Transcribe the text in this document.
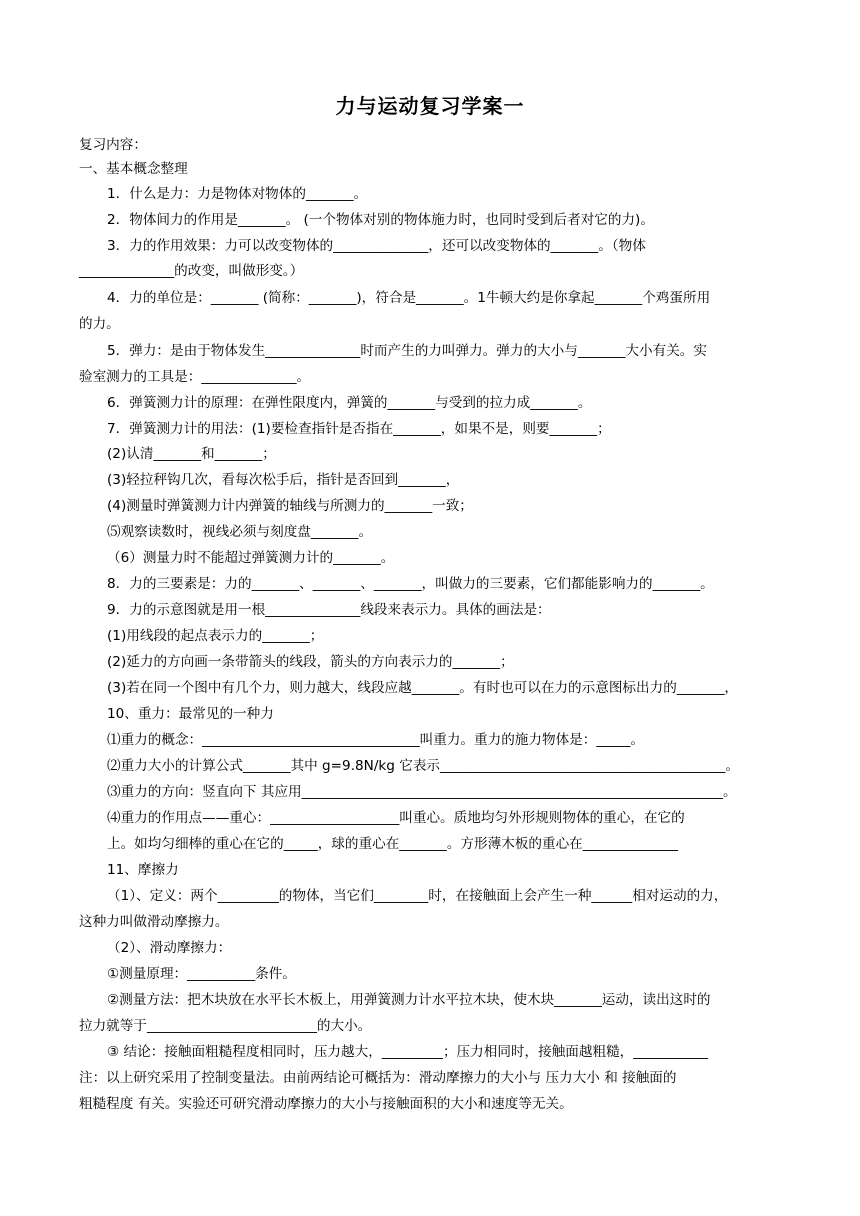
力与运动复习学案一
复习内容：
一、基本概念整理
1．什么是力：力是物体对物体的_______。
2．物体间力的作用是_______。 (一个物体对别的物体施力时，也同时受到后者对它的力)。
3．力的作用效果：力可以改变物体的______________，还可以改变物体的_______。（物体
______________的改变，叫做形变。）
4．力的单位是：_______ (简称：_______)，符合是_______。1牛顿大约是你拿起_______个鸡蛋所用
的力。
5．弹力：是由于物体发生______________时而产生的力叫弹力。弹力的大小与_______大小有关。实
验室测力的工具是：______________。
6．弹簧测力计的原理：在弹性限度内，弹簧的_______与受到的拉力成_______。
7．弹簧测力计的用法：(1)要检查指针是否指在_______，如果不是，则要_______；
(2)认清_______和_______；
(3)轻拉秤钩几次，看每次松手后，指针是否回到_______，
(4)测量时弹簧测力计内弹簧的轴线与所测力的_______一致；
⑸观察读数时，视线必须与刻度盘_______。
（6）测量力时不能超过弹簧测力计的_______。
8．力的三要素是：力的_______、_______、_______，叫做力的三要素，它们都能影响力的_______。
9．力的示意图就是用一根______________线段来表示力。具体的画法是：
(1)用线段的起点表示力的_______；
(2)延力的方向画一条带箭头的线段，箭头的方向表示力的_______；
(3)若在同一个图中有几个力，则力越大，线段应越_______。有时也可以在力的示意图标出力的_______，
10、重力：最常见的一种力
⑴重力的概念：________________________________叫重力。重力的施力物体是：_____。
⑵重力大小的计算公式_______其中 g=9.8N/kg 它表示__________________________________________。
⑶重力的方向：竖直向下 其应用______________________________________________________________。
⑷重力的作用点——重心：___________________叫重心。质地均匀外形规则物体的重心，在它的
上。如均匀细棒的重心在它的_____，球的重心在_______。方形薄木板的重心在______________
11、摩擦力
（1）、定义：两个_________的物体，当它们________时，在接触面上会产生一种______相对运动的力，
这种力叫做滑动摩擦力。
（2）、滑动摩擦力：
①测量原理：__________条件。
②测量方法：把木块放在水平长木板上，用弹簧测力计水平拉木块，使木块_______运动，读出这时的
拉力就等于_________________________的大小。
③ 结论：接触面粗糙程度相同时，压力越大，_________；压力相同时，接触面越粗糙，___________
注：以上研究采用了控制变量法。由前两结论可概括为：滑动摩擦力的大小与 压力大小 和 接触面的
粗糙程度 有关。实验还可研究滑动摩擦力的大小与接触面积的大小和速度等无关。
